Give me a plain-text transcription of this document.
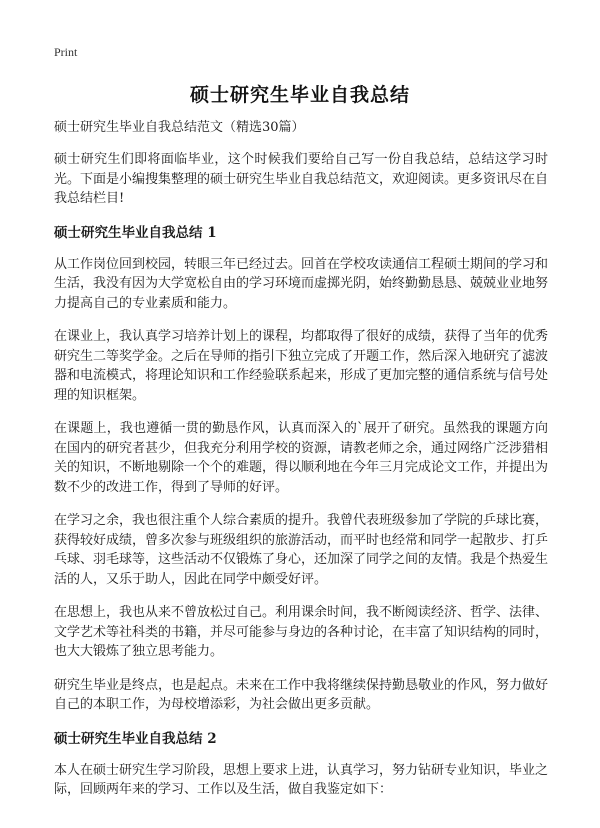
Print
硕士研究生毕业自我总结

硕士研究生毕业自我总结范文（精选30篇）

硕士研究生们即将面临毕业，这个时候我们要给自己写一份自我总结，总结这学习时光。下面是小编搜集整理的硕士研究生毕业自我总结范文，欢迎阅读。更多资讯尽在自我总结栏目!

硕士研究生毕业自我总结 1

从工作岗位回到校园，转眼三年已经过去。回首在学校攻读通信工程硕士期间的学习和生活，我没有因为大学宽松自由的学习环境而虚掷光阴，始终勤勤恳恳、兢兢业业地努力提高自己的专业素质和能力。

在课业上，我认真学习培养计划上的课程，均都取得了很好的成绩，获得了当年的优秀研究生二等奖学金。之后在导师的指引下独立完成了开题工作，然后深入地研究了滤波器和电流模式，将理论知识和工作经验联系起来，形成了更加完整的通信系统与信号处理的知识框架。

在课题上，我也遵循一贯的勤恳作风，认真而深入的`展开了研究。虽然我的课题方向在国内的研究者甚少，但我充分利用学校的资源，请教老师之余，通过网络广泛涉猎相关的知识，不断地剔除一个个的难题，得以顺利地在今年三月完成论文工作，并提出为数不少的改进工作，得到了导师的好评。

在学习之余，我也很注重个人综合素质的提升。我曾代表班级参加了学院的乒球比赛，获得较好成绩，曾多次参与班级组织的旅游活动，而平时也经常和同学一起散步、打乒乓球、羽毛球等，这些活动不仅锻炼了身心，还加深了同学之间的友情。我是个热爱生活的人，又乐于助人，因此在同学中颇受好评。

在思想上，我也从来不曾放松过自己。利用课余时间，我不断阅读经济、哲学、法律、文学艺术等社科类的书籍，并尽可能参与身边的各种讨论，在丰富了知识结构的同时，也大大锻炼了独立思考能力。

研究生毕业是终点，也是起点。未来在工作中我将继续保持勤恳敬业的作风，努力做好自己的本职工作，为母校增添彩，为社会做出更多贡献。

硕士研究生毕业自我总结 2

本人在硕士研究生学习阶段，思想上要求上进，认真学习，努力钻研专业知识，毕业之际，回顾两年来的学习、工作以及生活，做自我鉴定如下：
